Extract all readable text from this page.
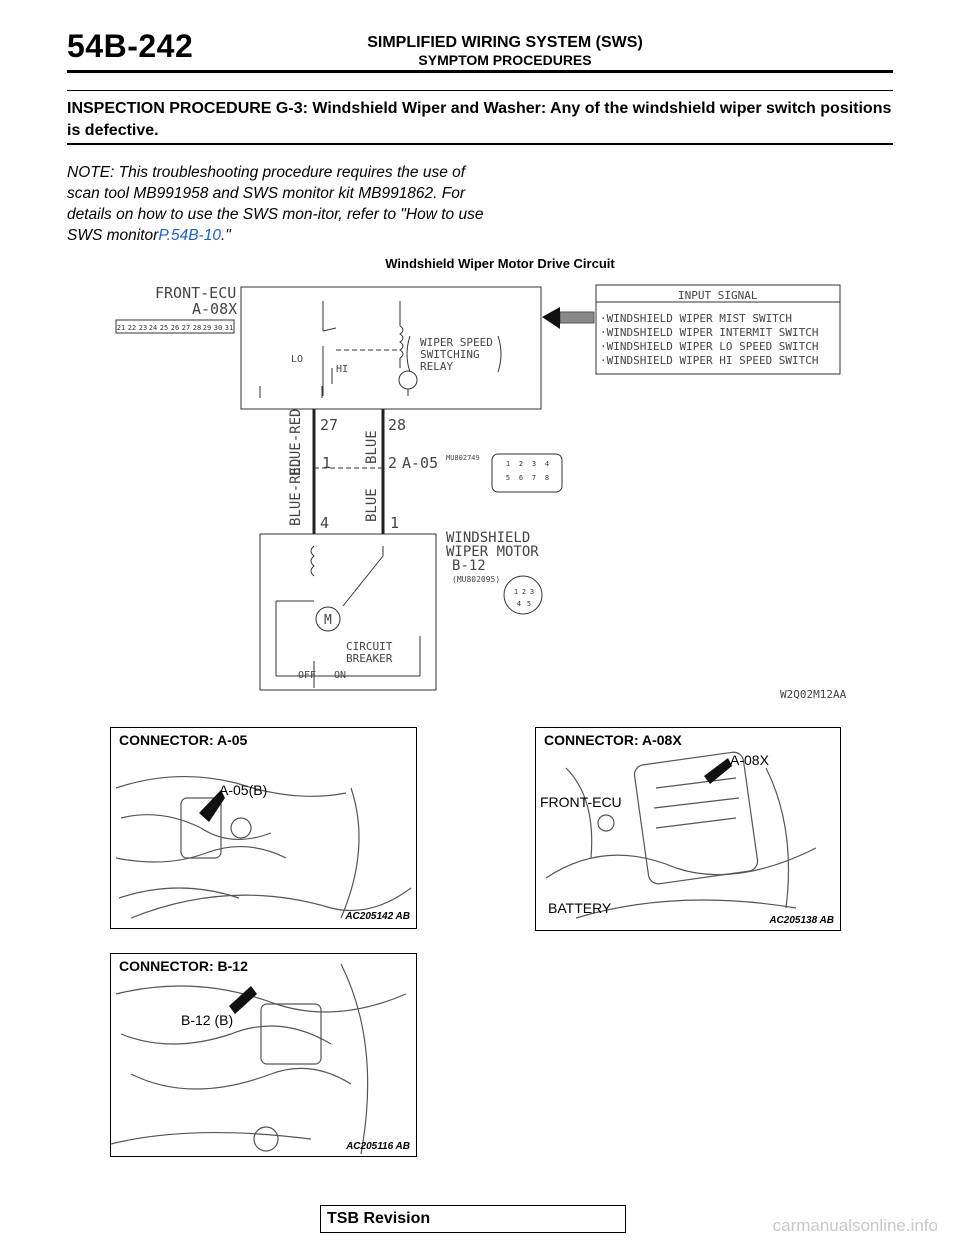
54B-242	SIMPLIFIED WIRING SYSTEM (SWS)
SYMPTOM PROCEDURES
INSPECTION PROCEDURE G-3: Windshield Wiper and Washer: Any of the windshield wiper switch positions is defective.
NOTE: This troubleshooting procedure requires the use of scan tool MB991958 and SWS monitor kit MB991862. For details on how to use the SWS mon-itor, refer to "How to use SWS monitorP.54B-10."
Windshield Wiper Motor Drive Circuit
21 22 23 24 25 26 27 28 29 30 31
FRONT-ECU
A-08X
LO
HI
WIPER SPEED
SWITCHING
RELAY
INPUT SIGNAL
·WINDSHIELD WIPER MIST SWITCH
·WINDSHIELD WIPER INTERMIT SWITCH
·WINDSHIELD WIPER LO SPEED SWITCH
·WINDSHIELD WIPER HI SPEED SWITCH
27	28
1	2 A-05 MU802749
4	1
BLUE-RED	BLUE
BLUE-RED	BLUE
WINDSHIELD
WIPER MOTOR
B-12
(MU802095)
M
CIRCUIT
BREAKER
OFF ON
W2Q02M12AA
1 2 3 4
5 6 7 8
1 2 3
4 5
CONNECTOR: A-05
A-05(B)
AC205142 AB
CONNECTOR: A-08X
A-08X
FRONT-ECU
BATTERY
AC205138 AB
CONNECTOR: B-12
B-12 (B)
AC205116 AB
TSB Revision	carmanualsonline.info
